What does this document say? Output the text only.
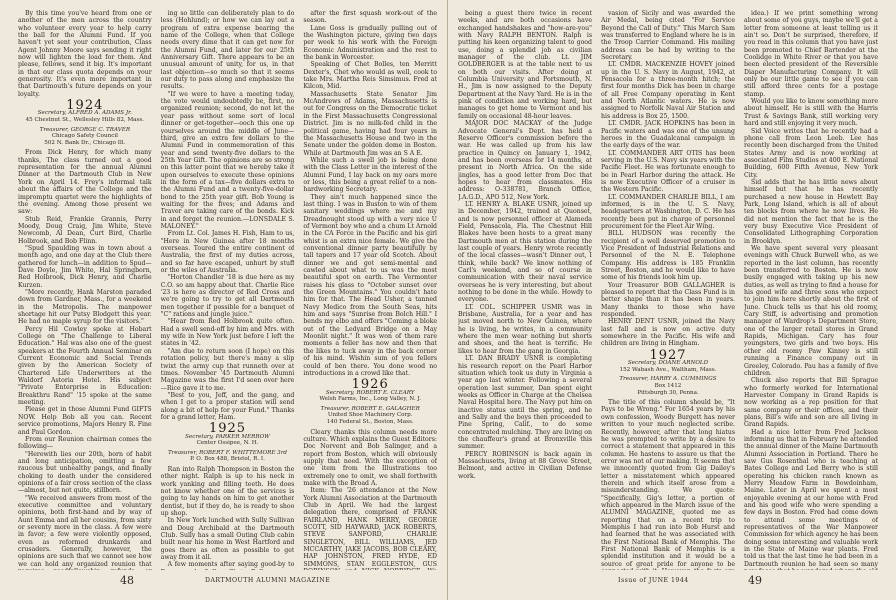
By this time you've heard from one or another of the men across the country who volunteer every year to help carry the ball for the Alumni Fund. If you haven't yet sent your contribution, Class Agent Johnny Moore says sending it right now will lighten the load for them. And please, fellows, send it big. It's important in that our class quota depends on your generosity. It's even more important in that Dartmouth's future depends on your loyalty.

1924
Secretary, ALFRED A. ADAMS Jr.
45 Chestnut St., Wellesley Hills 82, Mass.
Treasurer, GEORGE C. TRAVER
Chicago Safety Council
502 N. Bank Dr., Chicago Ill.

From Dick Henry, for which many thanks, The class turned out a good representation for the annual Alumni Dinner at the Dartmouth Club in New York on April 14. Frey's informal talk about the affairs of the College and the impromptu quartet were the highlights of the evening. Among those present we saw:

Stub Reid, Frankie Grannis, Perry Moody, Doug Craig, Jim White, Steve Newcomb, Al Dean, Curt Bird, Charlie Holbrook, and Bob Flinn.

"Spud Spaulding was in town about a month ago, and one day at the Club there gathered for lunch—in addition to Spud—Dave Doyle, Jim White, Hal Springborn, Red Holbrook, Dick Henry, and Charlie Kurzen.

"More recently, Hank Marston paraded down from Gardner, Mass., for a weekend in the Metropolis. The manpower shortage hit our Putsy Blodgett this year. He had no maple syrup for the visitors."

Percy Hil Cowley spoke at Hobart College on "The Challenge to Liberal Education." Hal was also one of the guest speakers at the Fourth Annual Seminar on Current Economic and Social Trends given by the American Society of Chartered Life Underwriters at the Waldorf Astoria Hotel. His subject "Private Enterprise in Education: Breakthru Rand" '15 spoke at the same meeting.

Please get in those Alumni Fund GIFTS NOW. Help Bob all you can. Recent service promotions, Majors Henry R. Fine and Paul Gordon.

From our Reunion chairman comes the following—

"Herewith lies our 20th, born of habit and long anticipation, omitting a few raucous but unhealthy pangs, and finally choking to death under the considered opinions of a fair cross section of the class—almost, but not quite, stillborn.

"We received answers from most of the executive committee and voluntary opinions, both first-hand and by way of Aunt Emma and all her cousins, from sixty or seventy more in the class. A few were in favor; a few were violently opposed, even as reformed drunkards and crusaders. Generally, however, the opinions are such that we cannot see how we can hold any organized reunion that

ing so little can deliberately plan to do less (Hohlund); or how we can lay out a program of extra expense bearing the name of the College, when that College needs every dime that it can get now for the Alumni Fund, and later for our 25th Anniversary Gift. There appears to be an unusual amount of unity, for us, in that last objection—so much so that it seems our duty to pass along and emphasize the results.

"If we were to have a meeting today, the vote would undoubtedly be, first, no organized reunion; second, do not let the year pass without some sort of local dinner or get-together—ooch this one up yourselves around the middle of June—third, give an extra few dollars to the Alumni Fund in commemoration of this year and send twenty-five dollars to the 25th Year Gift. The opinions are so strong on this latter point that we hereby take it upon ourselves to execute these opinions in the form of a tax—five dollars extra to the Alumni Fund and a twenty-five-dollar bond to the 25th year gift. Bob Young is waiting for the fives; and Adams and Traver are taking care of the bonds. Kick in and forget the reunion.—LONSDALE S. MALONEY."

From Lt. Col. James H. Fish, Ham to us, "Here in New Guinea after 18 months overseas. Toured the entire continent of Australia, the first of my duties across, and so far have escaped, unhurt by stuff or the wiles of Australia.

"Horton Chandler '18 is due here as my C.O. so am happy about that. Charlie Rice '23 is here as director of Red Cross and we're going to try to get all Dartmouth men together if possible for a banquet of "C" rations and jungle juice."

"Hear from Red Holbrook quite often. Had a swell send-off by him and Mrs. with my wife in New York just before I left the states in '42.

"Am due to return soon (I hope) on this rotation policy, but there's many a slip twixt the army cup that runneth over at times. November '45 Dartmouth Alumni Magazine was the first I'd seen over here—Rice gave it to me.

"Best to you, Jeff, and the gang, and when I get to a proper station will send along a bit of help for your Fund." Thanks for a grand letter, Ham.

1925
Secretary, PARKER MERROW
Center Ossipee, N. H.
Treasurer, ROBERT F. WHITTEMORE 3rd
P. O. Box 488, Bristol, R. I.

Ran into Ralph Thompson in Boston the other night. Ralph is up to his neck in work yanking and filling teeth. He does not know whether one of the services is going to lay hands on him to get another dentist, but if they do, he is ready to shoo up shop.

In New York lunched with Sully Sullivan and Doug Archibald at the Dartmouth Club. Sully has a small Outing Club cabin built near his home in West Hartford and goes there as often as possible to get away from it all.

A few moments after saying good-by to

after the first squash work-out of the season.

Lane Goss is gradually pulling out of the Washington picture, giving two days per week to his work with the Foreign Economic Administration and the rest to the bank in Worcester.

Speaking of Chet Bolles, ten Merritt Dexter's, Chet who would as well, cook to take Mrs. Martha Reis Simsimus. Fred at Kilcon, Mid.

Massachusetts State Senator Jim McAndrews of Adams, Massachusetts is out for Congress on the Democratic ticket in the First Massachusetts Congressional District. Jim is no milk-fed child in the political game, having had four years in the Massachusetts House and two in the Senate under the golden dome in Boston. While at Dartmouth Jim was an S A E.

While such a swell job is being done with the Class Letter in the interest of the Alumni Fund, I lay back on my oars more or less, this being a great relief to a non-hardworking Secretary.

They ain't much happened since the last thing. I was in Buston to win of them sanitary weddings where me and my Dreadnought stood up with a very nice U of Vermont boy who and a chum Lt Arnold in the CA Force in the Pacific and his girl whist is an extra nice female. We give the conventional dinner party beautifully by tall tapers and 17 year old Scotch. About dinner we and got semi-mental and cawled about what to us was the most beautiful spot on earth. The Vermonter raises his glass to "October sunset over the Green Mountains." You couldn't hate him for that. The Head Usher, a tanned Navy Medico from the South Seas, hits him and says "Sunrise from Bolch Hill." I bends my elbo and offers "Coming a bloke out of the Ledyard Bridge on a May Moonlit night." It was won of them rare moments a feller has now and then that the likes to tuck away in the back corner of his mind. Wishin sum of you fellers could of ben there. You done wood no introductions in a crowd like that.

1926
Secretary, ROBERT E. CLEARY
Welsh Farms, Inc., Long Valley, N. J.
Treasurer, ROBERT E. GALAGHER
United Shoe Machinery Corp.
140 Federal St., Boston, Mass.

Cleary thanks this column needs more culture. Which explains the Guest Editors: Doc Norvent and Bob Salinger, and a report from Boston, which will obviously supply that need. With the exception of one item from the Illustrations too extremely one to omit, we shall forthwith make with the Broad A.

Item: The '26 attendance at the New York Alumni Association at the Dartmouth Club in April. We had the largest delegation there, comprised of FRANK FAIRLAND, HANK MERRY, GEORGE SCOTT, SID HAYWARD, JACK ROBERTS, STEVE SANFORD, CHARLIE SINGLETON, BILL WILLIAMS, JED MCCARTHY, JAKE JACOBS, BOB CLEARY, HAP JOHNSTON, FRED HYDE, ED SIMMONS, STAN EGGLESTON, GUS

48	DARTMOUTH ALUMNI MAGAZINE

being a guest there twice in recent weeks, and are both occasions have exchanged handshakes and "how-are-you" with Navy RALPH BENTON. Ralph is putting his keen organizing talent to good use, doing a splendid job as civilian manager of the club. Lt. JIM GOLDBERGER is at the table next to us on both our visits. After doing at Columbia University and Portsmouth, N. H., Jim is now assigned to the Deputy Department at the Navy Yard. He is in the pink of condition and working hard, but manages to get home to Vermont and his family on occasional 48-hour leaves.

MAJOR DOC MACKAY of the Judge Advocate General's Dept. has held a Reserve Officer's commission before the war. He was called up from his law practice in Quincy on January 1, 1942, and has been overseas for 14 months, at present in North Africa. On the side jingles, has a good letter from Doc that hopes to hear from classmates. His address: O-338781, Branch Office, J.A.G.D., APO 512, New York.

LT. HENRY A. BLAKE USNR, joined up in December, 1942, trained at Quonset, and is now personnel officer at Alameda Field, Pensacola, Fla. The Chestnut Hill Blakes have been hosts to a great many Dartmouth men at this station during the last couple of years. Henry wrote recently of the local classes—wasn't Dinner out, I think, while back? We know nothing of Carl's weekend, and so of course in communication with their naval service overseas he is very interesting, but about nothing to be done in the while. Howdy to everyone.

LT. COL. SCHIPPER USMR was in Brisbane, Australia, for a year and has just moved north to New Guinea, where he is living, he writes, in a community where the men wear nothing but shorts and shoes, and the heat is terrific. He likes to hear from the gang in Georgia.

LT. DAN BRADY USNR is completing his research report on the Pearl Harbor situation which took us duty in Virginia a year ago last winter. Following a several operation last summer, Dan spent eight weeks as Officer in Charge at the Chelsea Naval Hospital here. The Navy put him on inactive status until the spring, and he and Sally and the boys then proceeded to Pine Spring, Calif., to do some concentrated mulching. They are living on the chauffeur's grand at Bronxville this summer.

PERCY ROBINSON is back again in Massachusetts, living at 88 Grove Street, Belmont, and active in Civilian Defense work.

vasion of Sicily and was awarded the Air Medal, being cited "For Service Beyond the Call of Duty." This March Sam was transferred to England where he is in the Troop Carrier Command. His mailing address can be had by writing to the Secretary.

LT. CMDR. MACKENZIE HOVEY joined up in the U. S. Navy in August, 1942, at Pensacola for a three-month hitch; the first four months Dick has been in charge of all Free Company operating in Kent and North Atlantic waters. He is now assigned to Norfolk Naval Air Station and his address is Box 25, 1500.

LT. CMDR. JACK HOPKINS has been in Pacific waters and was one of the unsung heroes in the Guadalcanal campaign in the early days of the war.

LT. COMMANDER ART OTIS has been serving in the U.S. Navy six years with the Pacific Fleet. He was fortunate enough to be in Pearl Harbor during the attack. He is now Executive Officer of a cruiser in the Western Pacific.

LT. COMMANDER CHARLIE BILL, I am informed, is in the U. S. Navy, headquarters at Washington, D. C. He has recently been put in charge of personnel procurement for the Fleet Air Wing.

BILL HUDSON was recently the recipient of a well deserved promotion to Vice President of Industrial Relations and Personnel of the N. E. Telephone Company. His address is 185 Franklin Street, Boston, and he would like to have some of his friends look him up.

Your Treasurer BOB GALLAGHER is pleased to report that the Class Fund is in better shape than it has been in years. Many thanks to those who have responded.

HENRY DENT USNR, joined the Navy last fall and is now on active duty somewhere in the Pacific. His wife and children are living in Hingham.

1927
Secretary, DOANE ARNOLD
152 Wabash Ave., Waltham, Mass.
Treasurer, HARRY A. CUMMINGS
Box 1412
Pittsburgh 30, Penna.

The title of this column should be, "It Pays to be Wrong." For 1654 years by his own confession, Woody Burgett has never written to your much neglected scribe. Recently, however, after that long hiatus he was prompted to write by a desire to correct a statement that appeared in this column. He hastens to assure us that the error was not of our making. It seems that we innocently quoted from Gig Dailey's letter a misstatement which appeared therein and which itself arose from a misunderstanding. We quote: "Specifically, Gig's letter, a portion of which appeared in the March issue of the ALUMNI MAGAZINE, quoted me as reporting that on a recent trip to Memphis I had run into Bob Hurst and had learned that he was associated with the First National Bank of Memphis. The First National Bank of Memphis is a splendid institution and it would be a source of great pride for anyone to be

idea.) If we print something wrong about some of you guys, maybe we'll get a letter from someone at least telling us it ain't so. Don't be surprised, therefore, if you read in this column that you have just been promoted to Chief Bartender at the Coolidge in White River or that you have been elected president of the Reversible Diaper Manufacturing Company. It will only be our little game to see if you can still afford three cents for a postage stamp.

Would you like to know something more about himself. He is still with the Harris Trust & Savings Bank, still working very hard and still enjoying it very much.

Sid Voice writes that he recently had a phone call from Leon Leeb. Lee has recently been discharged from the United States Army and is now working at associated Film Studios at 400 E. National Building, 600 Fifth Avenue, New York City.

Sid adds that he has little news about himself but that he has recently purchased a new house in Hewlett Bay Park, Long Island, which is all of about ten blocks from where he now lives. He did not mention the fact that he is the very busy Executive Vice President of Consolidated Lithographing Corporation in Brooklyn.

We have spent several very pleasant evenings with Chuck Burwell who, as we reported in the last column, has recently been transferred to Boston. He is now busily engaged with taking up his new duties, as well as trying to find a house for his good wife and three sons who expect to join him here shortly about the first of June. Chuck tells us that his old roomy, Cary Stiff, is advertising and promotion manager of Wardrop's Department Store, one of the larger retail stores in Grand Rapids, Michigan. Cary has four youngsters, two girls and two boys. His other old roomy Paw Kinney is still running a Finance company out in Greeley, Colorado. Pau has a family of five children.

Chuck also reports that Bill Sprague who formerly worked for International Harvester Company in Grand Rapids is now working as a rep position for that same company or their offices, and their plans, Bill's wife and son are all living in Grand Rapids.

Had a nice letter from Fred Jackson informing us that in February he attended the annual dinner of the Maine Dartmouth Alumni Association in Portland. There he saw Gus Rosenthal who is teaching at Bates College and Led Berry who is still operating his chicken ranch known as Merry Meadow Farm in Bowdoinham, Maine. Later in April we spent a most enjoyable evening at our home with Fred and his good wife who were spending a few days in Boston. Fred had come down to attend some meetings of representatives of the War Manpower Commission for which agency he has been doing some interesting and valuable work in the State of Maine war plants. Fred told us that the last time he had been in a Dartmouth reunion he had seen so many

Issue of JUNE 1944	49
